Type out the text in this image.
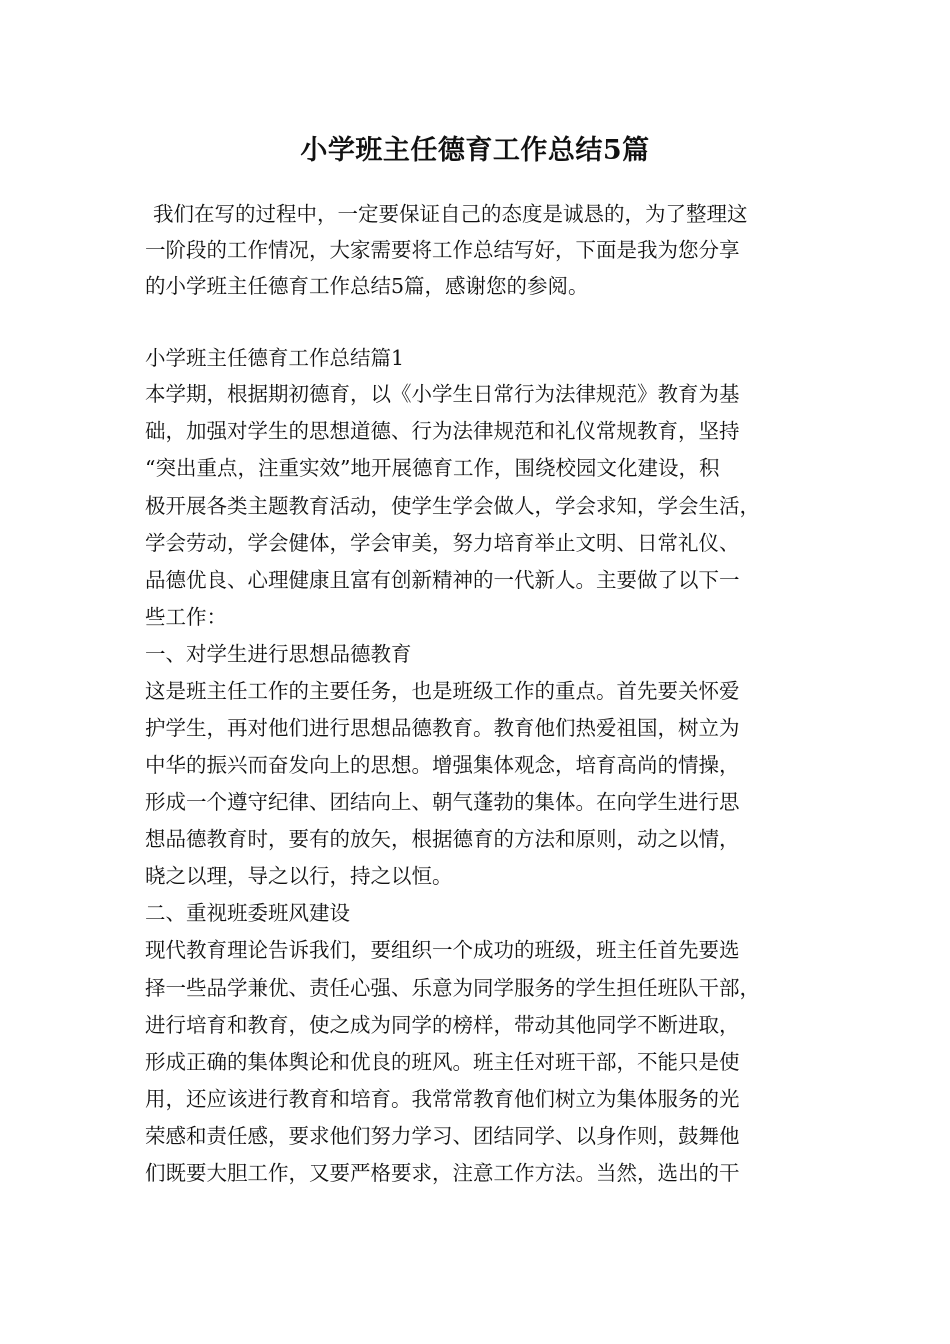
小学班主任德育工作总结5篇

我们在写的过程中，一定要保证自己的态度是诚恳的，为了整理这

一阶段的工作情况，大家需要将工作总结写好，下面是我为您分享

的小学班主任德育工作总结5篇，感谢您的参阅。

小学班主任德育工作总结篇1

本学期，根据期初德育，以《小学生日常行为法律规范》教育为基

础，加强对学生的思想道德、行为法律规范和礼仪常规教育，坚持

“突出重点，注重实效”地开展德育工作，围绕校园文化建设，积

极开展各类主题教育活动，使学生学会做人，学会求知，学会生活，

学会劳动，学会健体，学会审美，努力培育举止文明、日常礼仪、

品德优良、心理健康且富有创新精神的一代新人。主要做了以下一

些工作：

一、对学生进行思想品德教育

这是班主任工作的主要任务，也是班级工作的重点。首先要关怀爱

护学生，再对他们进行思想品德教育。教育他们热爱祖国，树立为

中华的振兴而奋发向上的思想。增强集体观念，培育高尚的情操，

形成一个遵守纪律、团结向上、朝气蓬勃的集体。在向学生进行思

想品德教育时，要有的放矢，根据德育的方法和原则，动之以情，

晓之以理，导之以行，持之以恒。

二、重视班委班风建设

现代教育理论告诉我们，要组织一个成功的班级，班主任首先要选

择一些品学兼优、责任心强、乐意为同学服务的学生担任班队干部，

进行培育和教育，使之成为同学的榜样，带动其他同学不断进取，

形成正确的集体舆论和优良的班风。班主任对班干部，不能只是使

用，还应该进行教育和培育。我常常教育他们树立为集体服务的光

荣感和责任感，要求他们努力学习、团结同学、以身作则，鼓舞他

们既要大胆工作，又要严格要求，注意工作方法。当然，选出的干
